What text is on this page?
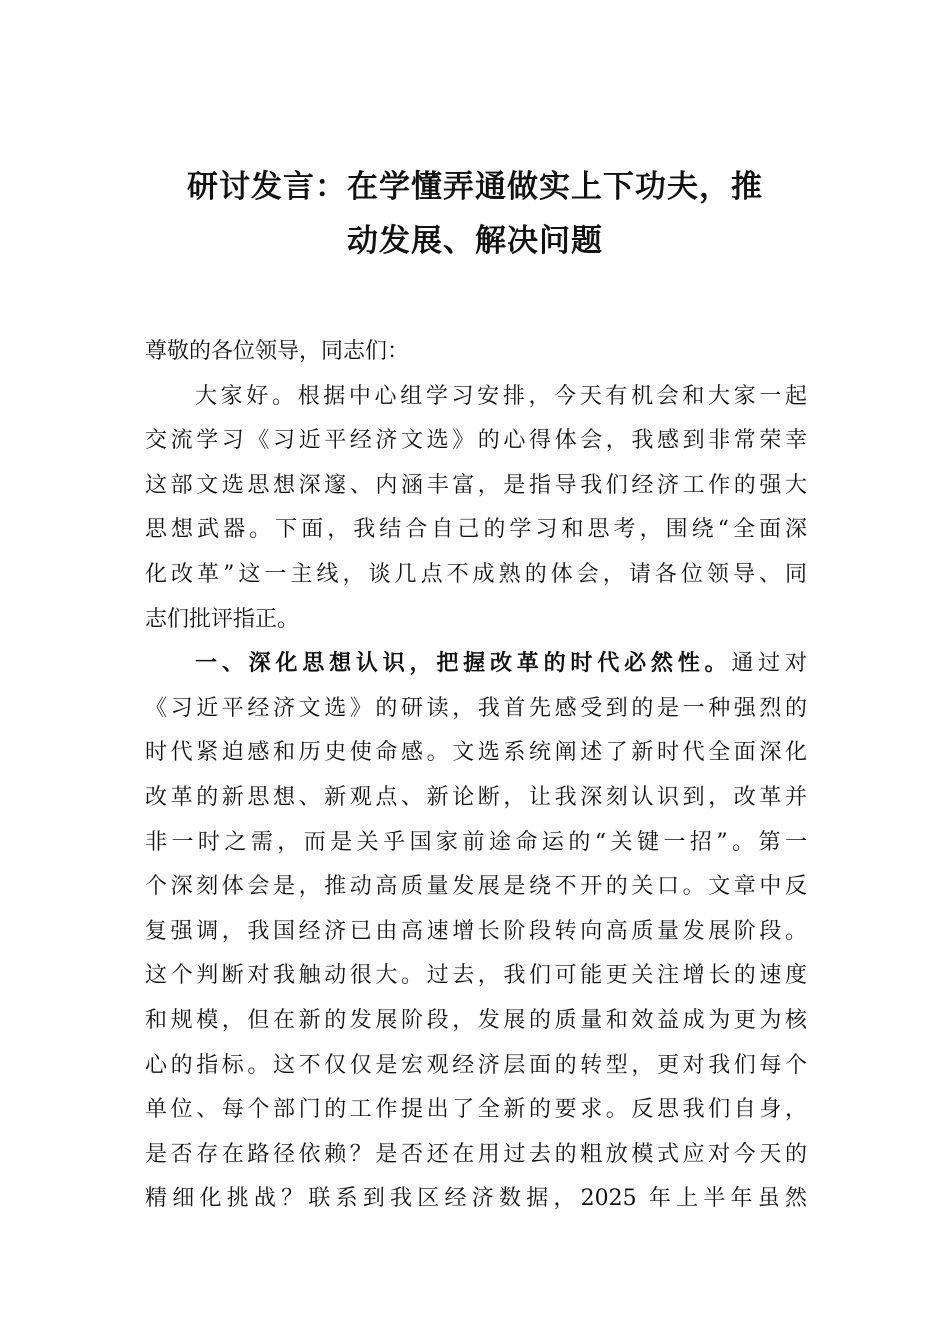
研讨发言：在学懂弄通做实上下功夫，推
动发展、解决问题
尊敬的各位领导，同志们：
大家好。根据中心组学习安排，今天有机会和大家一起
交流学习《习近平经济文选》的心得体会，我感到非常荣幸
这部文选思想深邃、内涵丰富，是指导我们经济工作的强大
思想武器。下面，我结合自己的学习和思考，围绕“全面深
化改革”这一主线，谈几点不成熟的体会，请各位领导、同
志们批评指正。
一、深化思想认识，把握改革的时代必然性。通过对
《习近平经济文选》的研读，我首先感受到的是一种强烈的
时代紧迫感和历史使命感。文选系统阐述了新时代全面深化
改革的新思想、新观点、新论断，让我深刻认识到，改革并
非一时之需，而是关乎国家前途命运的“关键一招”。第一
个深刻体会是，推动高质量发展是绕不开的关口。文章中反
复强调，我国经济已由高速增长阶段转向高质量发展阶段。
这个判断对我触动很大。过去，我们可能更关注增长的速度
和规模，但在新的发展阶段，发展的质量和效益成为更为核
心的指标。这不仅仅是宏观经济层面的转型，更对我们每个
单位、每个部门的工作提出了全新的要求。反思我们自身，
是否存在路径依赖？是否还在用过去的粗放模式应对今天的
精细化挑战？联系到我区经济数据，2025 年上半年虽然
